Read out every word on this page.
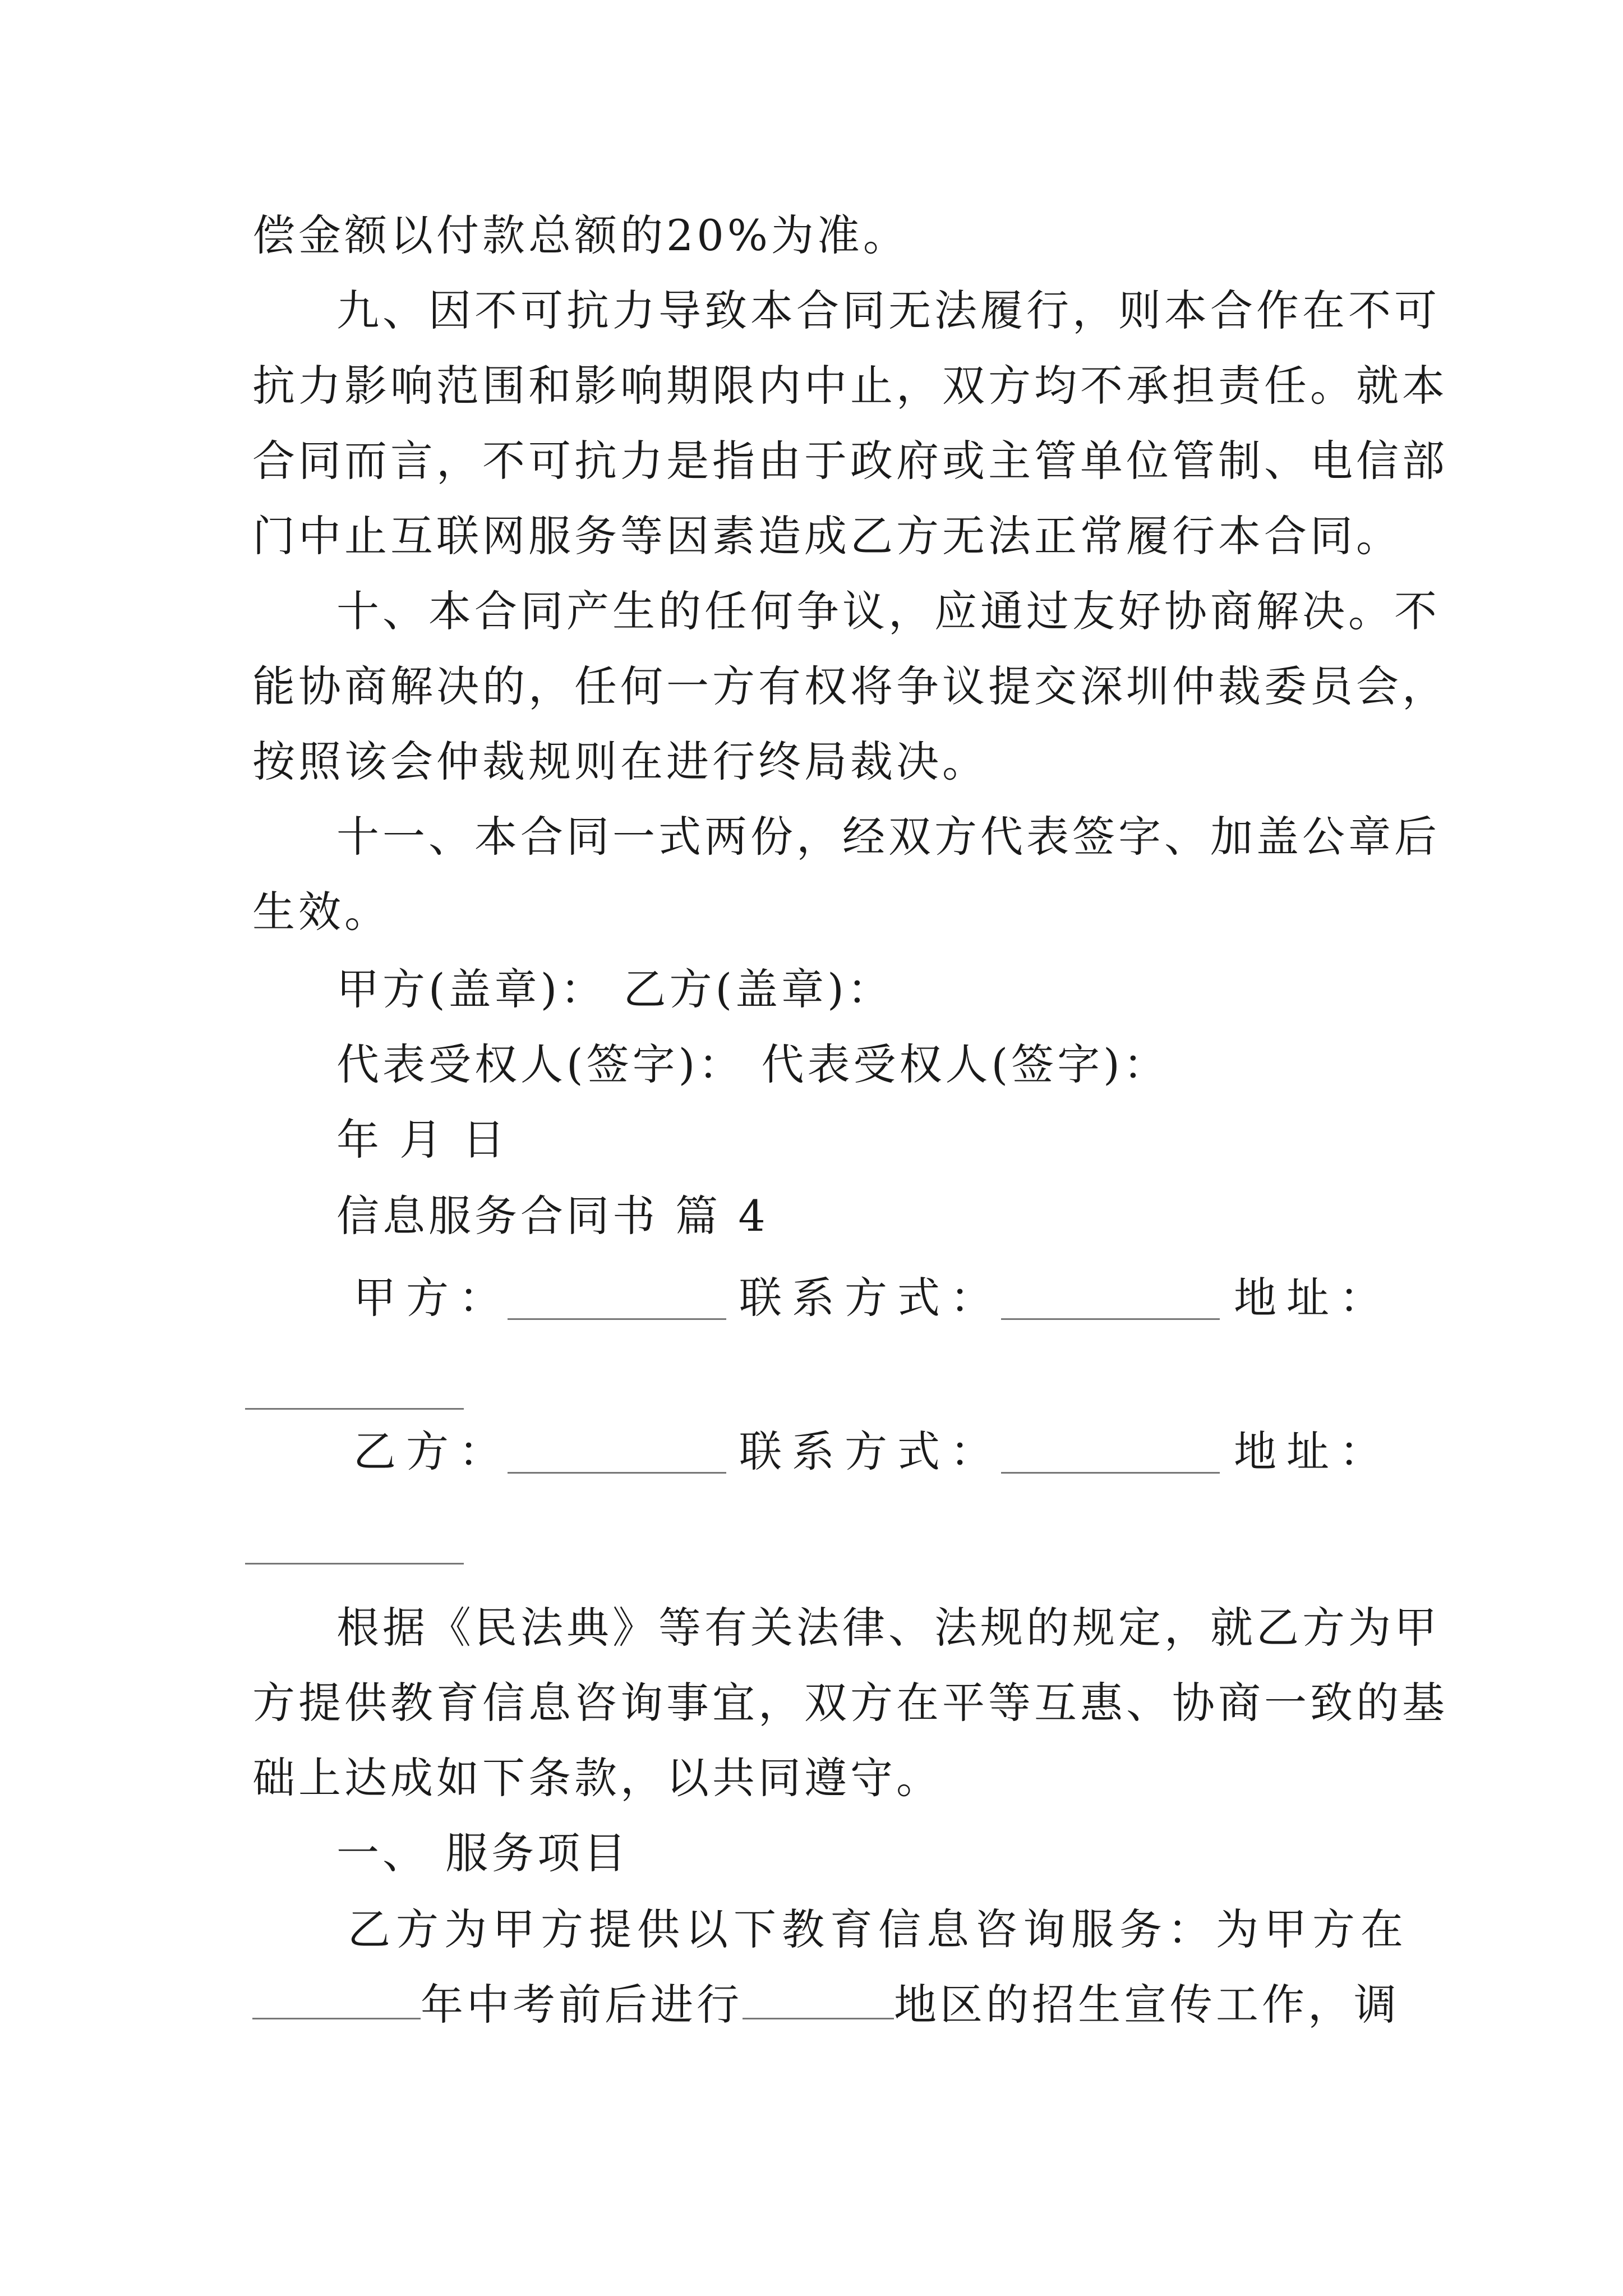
偿金额以付款总额的20%为准。
九、因不可抗力导致本合同无法履行，则本合作在不可
抗力影响范围和影响期限内中止，双方均不承担责任。就本
合同而言，不可抗力是指由于政府或主管单位管制、电信部
门中止互联网服务等因素造成乙方无法正常履行本合同。
十、本合同产生的任何争议，应通过友好协商解决。不
能协商解决的，任何一方有权将争议提交深圳仲裁委员会，
按照该会仲裁规则在进行终局裁决。
十一、本合同一式两份，经双方代表签字、加盖公章后
生效。
甲方(盖章)： 乙方(盖章)：
代表受权人(签字)： 代表受权人(签字)：
年 月 日
信息服务合同书 篇 4
甲方：	联系方式：	地址：
乙方：	联系方式：	地址：
根据《民法典》等有关法律、法规的规定，就乙方为甲
方提供教育信息咨询事宜，双方在平等互惠、协商一致的基
础上达成如下条款，以共同遵守。
一、 服务项目
乙方为甲方提供以下教育信息咨询服务：为甲方在
年中考前后进行	地区的招生宣传工作，调
